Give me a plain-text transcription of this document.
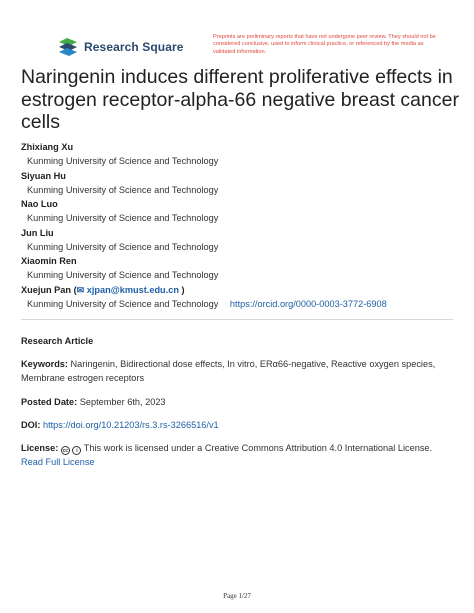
Research Square
Preprints are preliminary reports that have not undergone peer review. They should not be considered conclusive, used to inform clinical practice, or referenced by the media as validated information.
Naringenin induces different proliferative effects in estrogen receptor-alpha-66 negative breast cancer cells
Zhixiang Xu
Kunming University of Science and Technology
Siyuan Hu
Kunming University of Science and Technology
Nao Luo
Kunming University of Science and Technology
Jun Liu
Kunming University of Science and Technology
Xiaomin Ren
Kunming University of Science and Technology
Xuejun Pan (✉ xjpan@kmust.edu.cn )
Kunming University of Science and Technology https://orcid.org/0000-0003-3772-6908
Research Article
Keywords: Naringenin, Bidirectional dose effects, In vitro, ERα66-negative, Reactive oxygen species, Membrane estrogen receptors
Posted Date: September 6th, 2023
DOI: https://doi.org/10.21203/rs.3.rs-3266516/v1
License: cc i This work is licensed under a Creative Commons Attribution 4.0 International License.
Read Full License
Page 1/27
